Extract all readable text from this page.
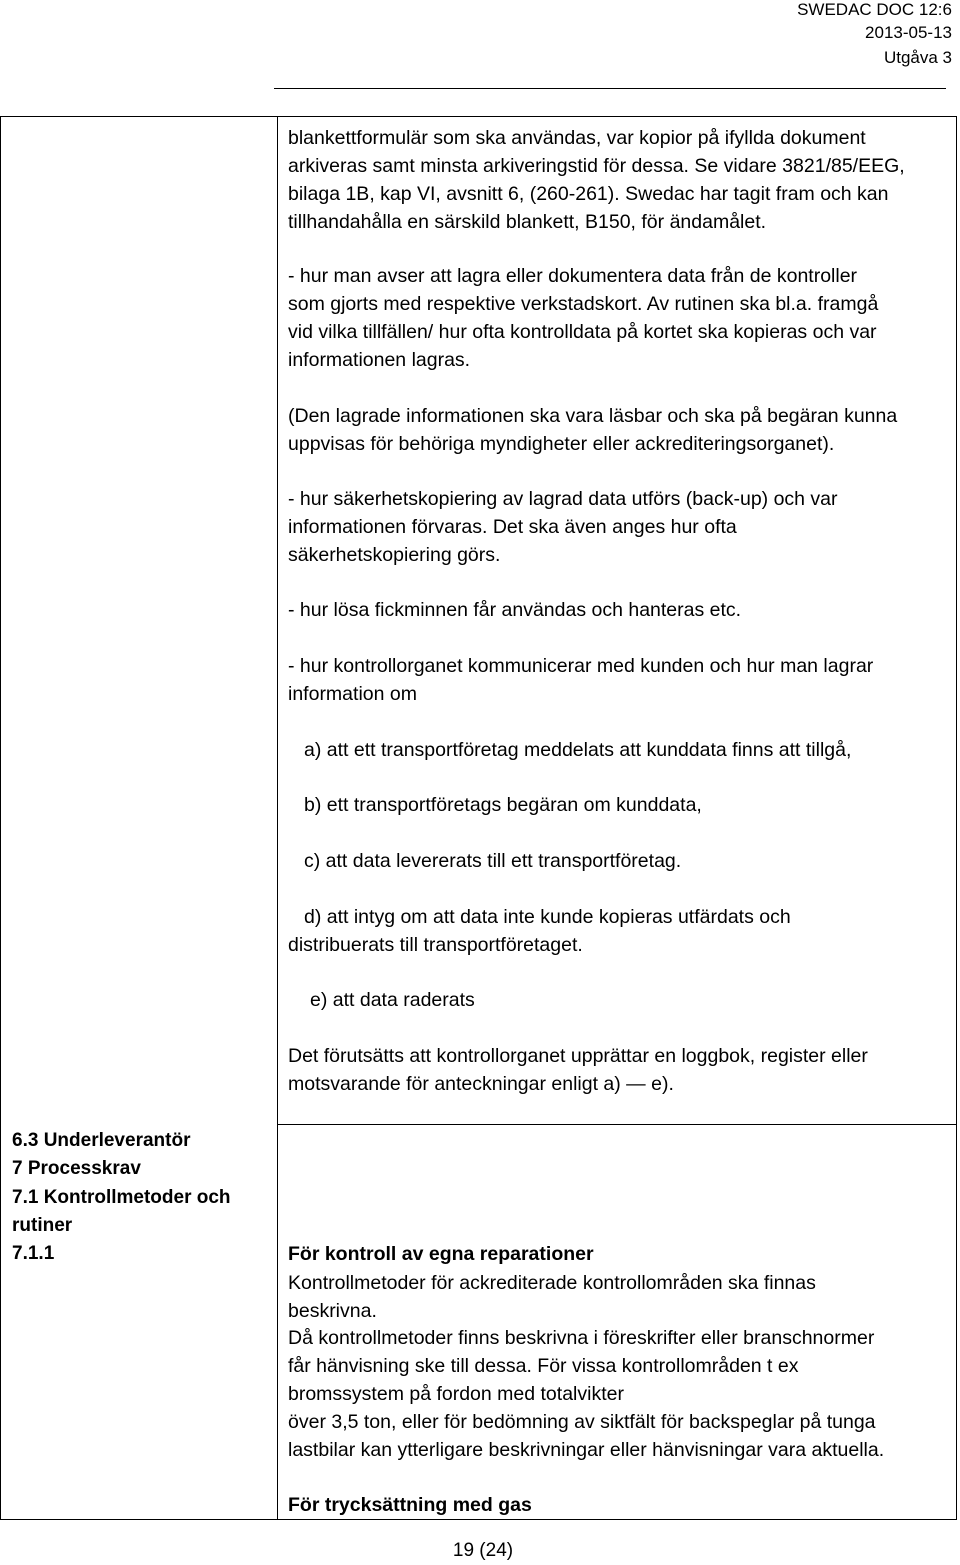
SWEDAC DOC 12:6
2013-05-13
Utgåva 3
blankettformulär som ska användas, var kopior på ifyllda dokument
arkiveras samt minsta arkiveringstid för dessa. Se vidare 3821/85/EEG,
bilaga 1B, kap VI, avsnitt 6, (260-261). Swedac har tagit fram och kan
tillhandahålla en särskild blankett, B150, för ändamålet.
- hur man avser att lagra eller dokumentera data från de kontroller
som gjorts med respektive verkstadskort. Av rutinen ska bl.a. framgå
vid vilka tillfällen/ hur ofta kontrolldata på kortet ska kopieras och var
informationen lagras.
(Den lagrade informationen ska vara läsbar och ska på begäran kunna
uppvisas för behöriga myndigheter eller ackrediteringsorganet).
- hur säkerhetskopiering av lagrad data utförs (back-up) och var
informationen förvaras. Det ska även anges hur ofta
säkerhetskopiering görs.
- hur lösa fickminnen får användas och hanteras etc.
- hur kontrollorganet kommunicerar med kunden och hur man lagrar
information om
a) att ett transportföretag meddelats att kunddata finns att tillgå,
b) ett transportföretags begäran om kunddata,
c) att data levererats till ett transportföretag.
d) att intyg om att data inte kunde kopieras utfärdats och
distribuerats till transportföretaget.
e) att data raderats
Det förutsätts att kontrollorganet upprättar en loggbok, register eller
motsvarande för anteckningar enligt a) — e).
6.3 Underleverantör
7 Processkrav
7.1 Kontrollmetoder och
rutiner
7.1.1	För kontroll av egna reparationer
Kontrollmetoder för ackrediterade kontrollområden ska finnas
beskrivna.
Då kontrollmetoder finns beskrivna i föreskrifter eller branschnormer
får hänvisning ske till dessa. För vissa kontrollområden t ex
bromssystem på fordon med totalvikter
över 3,5 ton, eller för bedömning av siktfält för backspeglar på tunga
lastbilar kan ytterligare beskrivningar eller hänvisningar vara aktuella.
För trycksättning med gas
19 (24)
